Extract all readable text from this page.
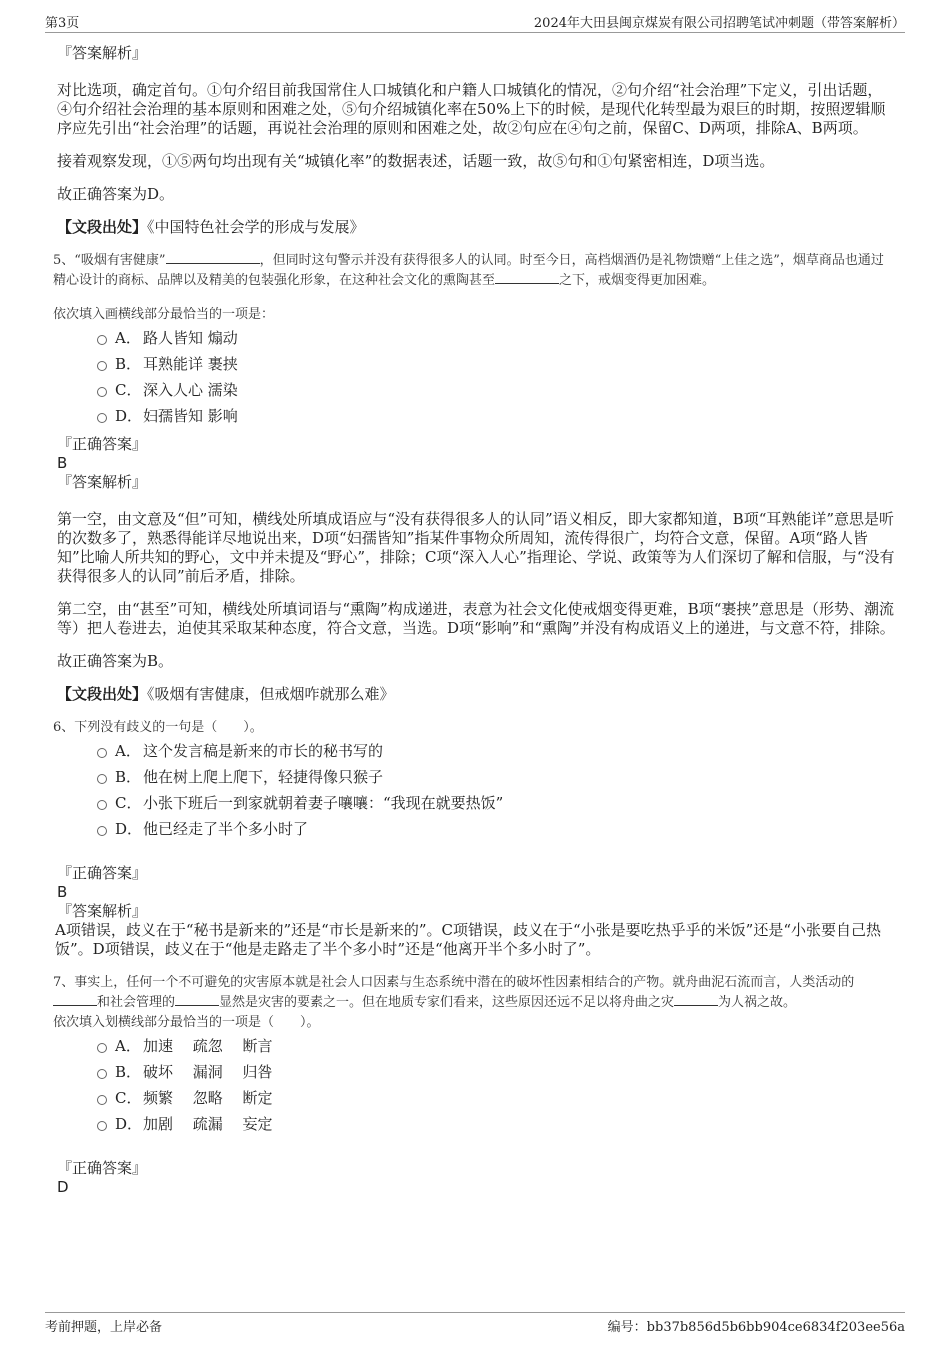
第3页	2024年大田县闽京煤炭有限公司招聘笔试冲刺题（带答案解析）

『答案解析』

对比选项，确定首句。①句介绍目前我国常住人口城镇化和户籍人口城镇化的情况，②句介绍“社会治理”下定义，引出话题，④句介绍社会治理的基本原则和困难之处，⑤句介绍城镇化率在50%上下的时候，是现代化转型最为艰巨的时期，按照逻辑顺序应先引出“社会治理”的话题，再说社会治理的原则和困难之处，故②句应在④句之前，保留C、D两项，排除A、B两项。

接着观察发现，①⑤两句均出现有关“城镇化率”的数据表述，话题一致，故⑤句和①句紧密相连，D项当选。

故正确答案为D。

【文段出处】《中国特色社会学的形成与发展》

5、“吸烟有害健康”	，但同时这句警示并没有获得很多人的认同。时至今日，高档烟酒仍是礼物馈赠“上佳之选”，烟草商品也通过精心设计的商标、品牌以及精美的包装强化形象，在这种社会文化的熏陶甚至	之下，戒烟变得更加困难。

依次填入画横线部分最恰当的一项是：

A． 路人皆知 煽动
B． 耳熟能详 裹挟
C． 深入人心 濡染
D．妇孺皆知 影响

『正确答案』

B

『答案解析』

第一空，由文意及“但”可知，横线处所填成语应与“没有获得很多人的认同”语义相反，即大家都知道，B项“耳熟能详”意思是听的次数多了，熟悉得能详尽地说出来，D项“妇孺皆知”指某件事物众所周知，流传得很广，均符合文意，保留。A项“路人皆知”比喻人所共知的野心，文中并未提及“野心”，排除；C项“深入人心”指理论、学说、政策等为人们深切了解和信服，与“没有获得很多人的认同”前后矛盾，排除。

第二空，由“甚至”可知，横线处所填词语与“熏陶”构成递进，表意为社会文化使戒烟变得更难，B项“裹挟”意思是（形势、潮流等）把人卷进去，迫使其采取某种态度，符合文意，当选。D项“影响”和“熏陶”并没有构成语义上的递进，与文意不符，排除。

故正确答案为B。

【文段出处】《吸烟有害健康，但戒烟咋就那么难》

6、下列没有歧义的一句是（　　）。

A． 这个发言稿是新来的市长的秘书写的
B． 他在树上爬上爬下，轻捷得像只猴子
C． 小张下班后一到家就朝着妻子嚷嚷：“我现在就要热饭”
D．他已经走了半个多小时了

『正确答案』

B

『答案解析』

A项错误，歧义在于“秘书是新来的”还是“市长是新来的”。C项错误，歧义在于“小张是要吃热乎乎的米饭”还是“小张要自己热饭”。D项错误，歧义在于“他是走路走了半个多小时”还是“他离开半个多小时了”。

7、事实上，任何一个不可避免的灾害原本就是社会人口因素与生态系统中潜在的破坏性因素相结合的产物。就舟曲泥石流而言，人类活动的和社会管理的	显然是灾害的要素之一。但在地质专家们看来，这些原因还远不足以将舟曲之灾	为人祸之故。

依次填入划横线部分最恰当的一项是（　　）。

A． 加速　 疏忽　 断言
B． 破坏　 漏洞　 归咎
C． 频繁　 忽略　 断定
D．加剧　 疏漏　 妄定

『正确答案』

D

考前押题，上岸必备	编号：bb37b856d5b6bb904ce6834f203ee56a
